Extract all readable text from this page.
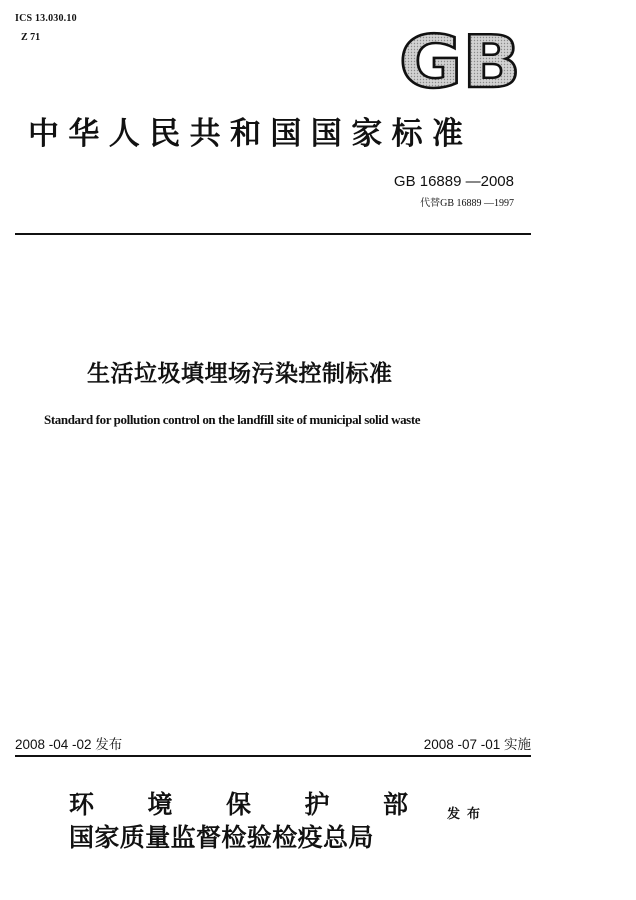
ICS 13.030.10
Z 71	GB
中华人民共和国国家标准
GB 16889 —2008
代替GB 16889 —1997
生活垃圾填埋场污染控制标准
Standard for pollution control on the landfill site of municipal solid waste
2008 -04 -02 发布	2008 -07 -01 实施
环境保护部
国家质量监督检验检疫总局
发布
